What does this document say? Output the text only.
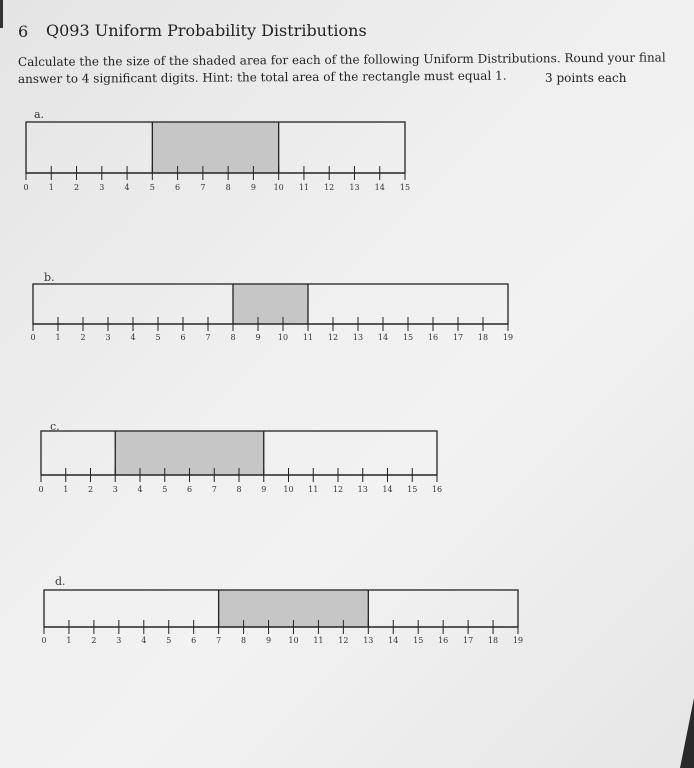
6 Q093 Uniform Probability Distributions
Calculate the the size of the shaded area for each of the following Uniform Distributions. Round your final
answer to 4 significant digits. Hint: the total area of the rectangle must equal 1.	3 points each
a.
0	1	2	3	4	5	6	7	8	9 10 11 12 13 14 15
b.
0 1 2 3 4 5 6 7 8 9 10 11 12 13 14 15 16 17 18 19
c.
0 1 2 3 4 5 6 7 8 9 10 11 12 13 14 15 16
d.
0 1 2 3 4 5 6 7 8 9 10 11 12 13 14 15 16 17 18 19
